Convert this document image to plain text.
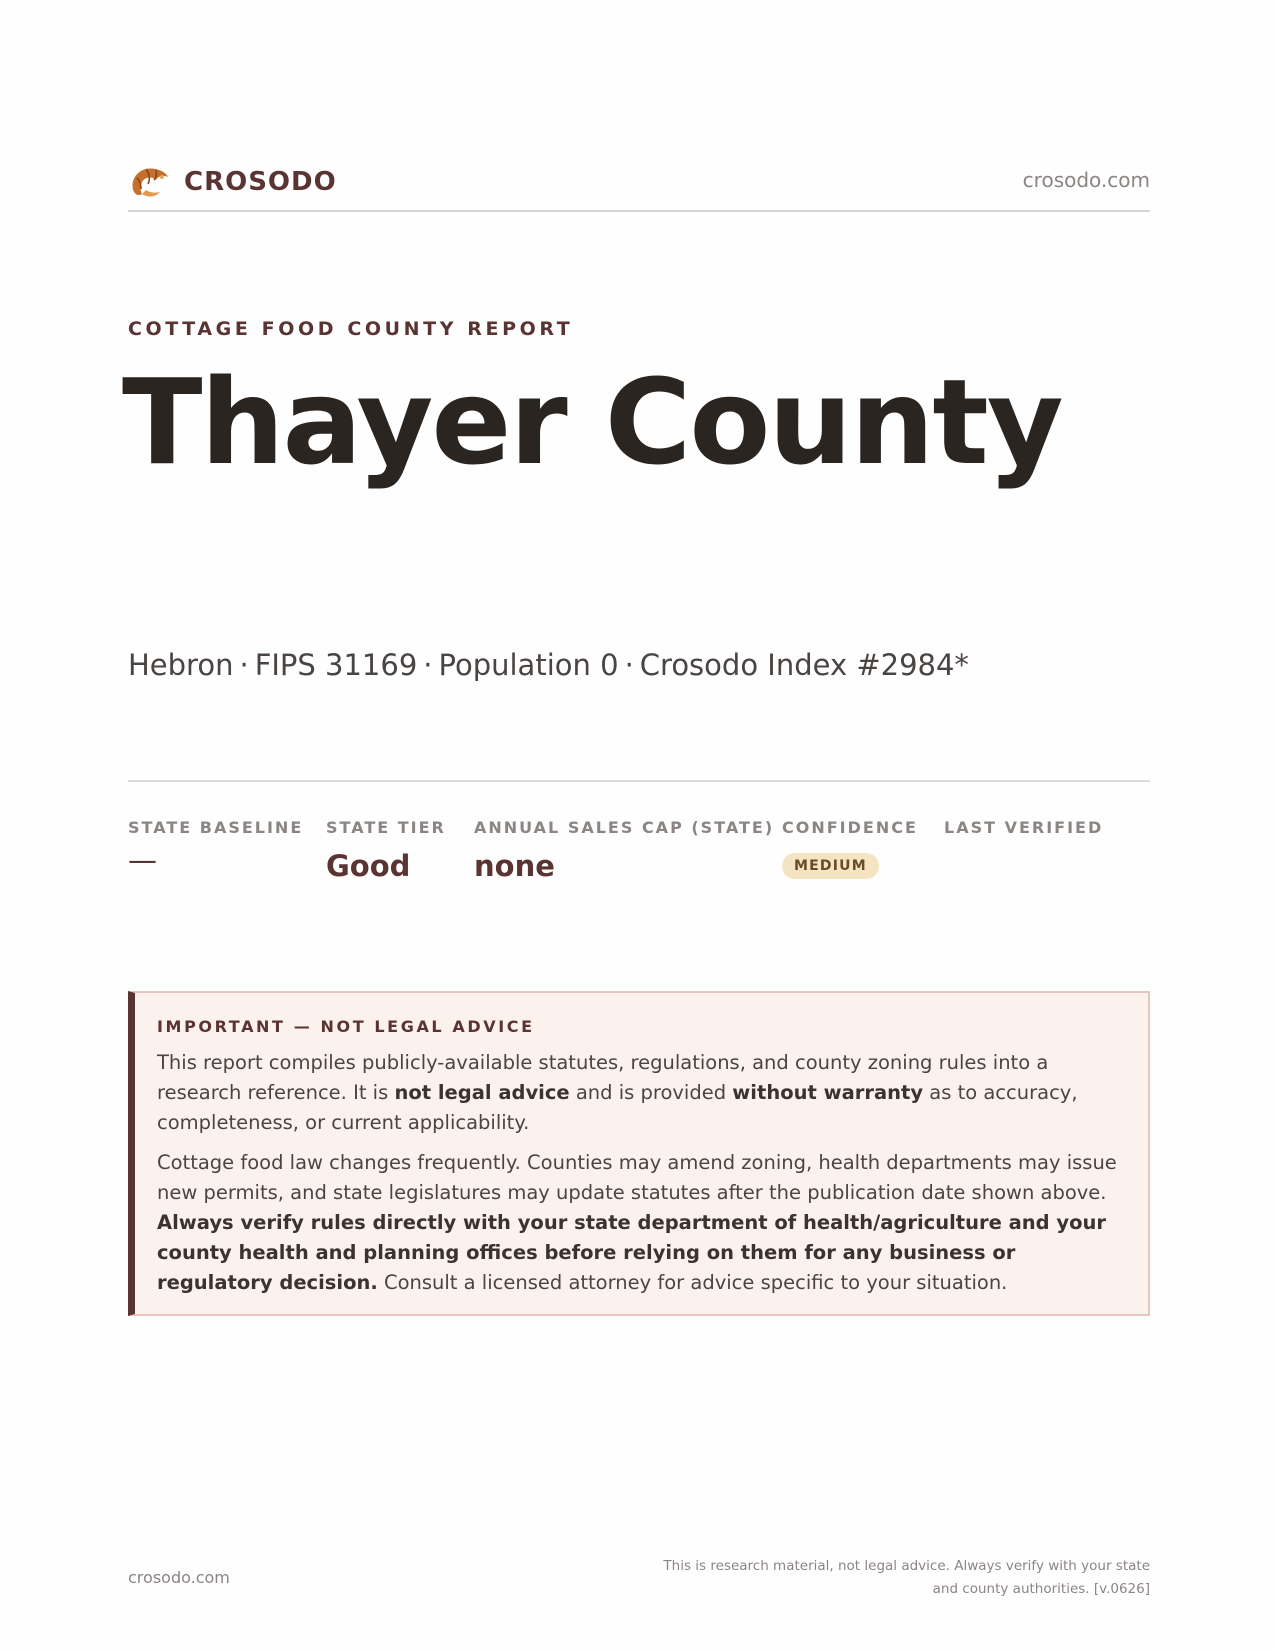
CROSODO	crosodo.com
COTTAGE FOOD COUNTY REPORT
Thayer County
Hebron · FIPS 31169 · Population 0 · Crosodo Index #2984*
STATE BASELINE
—
STATE TIER
Good
ANNUAL SALES CAP (STATE)
none
CONFIDENCE
MEDIUM
LAST VERIFIED
IMPORTANT — NOT LEGAL ADVICE

This report compiles publicly-available statutes, regulations, and county zoning rules into a research reference. It is not legal advice and is provided without warranty as to accuracy, completeness, or current applicability.

Cottage food law changes frequently. Counties may amend zoning, health departments may issue new permits, and state legislatures may update statutes after the publication date shown above. Always verify rules directly with your state department of health/agriculture and your county health and planning offices before relying on them for any business or regulatory decision. Consult a licensed attorney for advice specific to your situation.

crosodo.com
This is research material, not legal advice. Always verify with your state
and county authorities. [v.0626]
